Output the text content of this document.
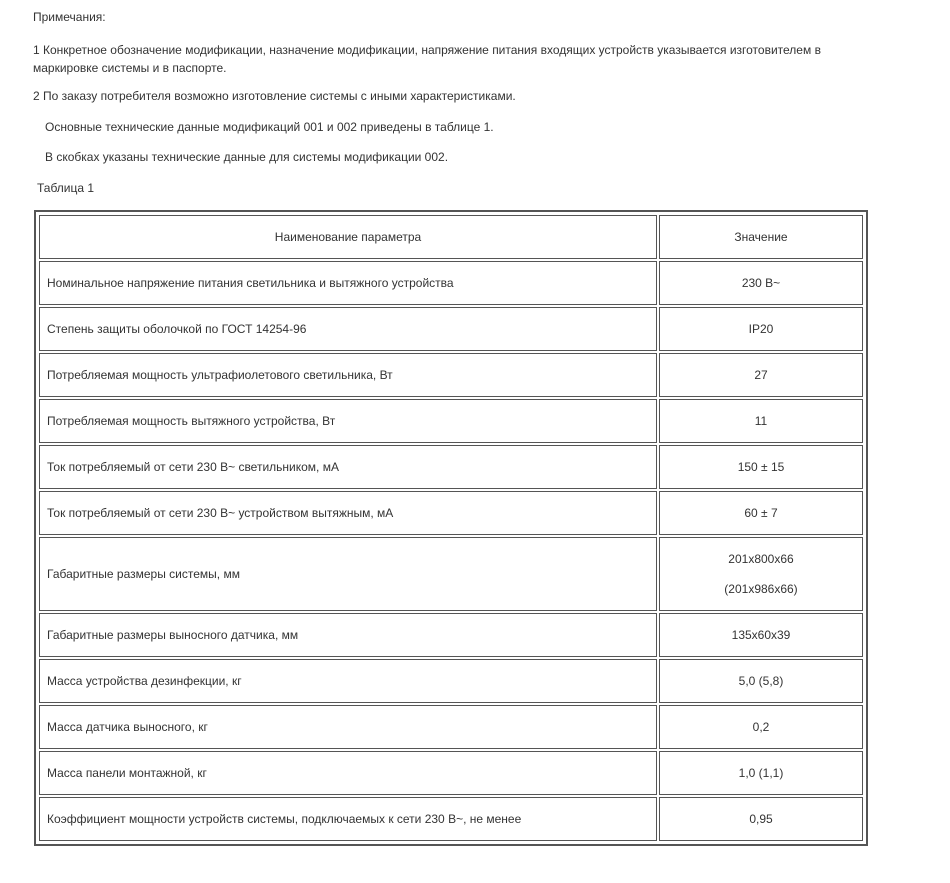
Примечания:
1 Конкретное обозначение модификации, назначение модификации, напряжение питания входящих устройств указывается изготовителем в маркировке системы и в паспорте.
2 По заказу потребителя возможно изготовление системы с иными характеристиками.
Основные технические данные модификаций 001 и 002 приведены в таблице 1.
В скобках указаны технические данные для системы модификации 002.
Таблица 1
Наименование параметра	Значение
Номинальное напряжение питания светильника и вытяжного устройства	230 В~
Степень защиты оболочкой по ГОСТ 14254-96	IP20
Потребляемая мощность ультрафиолетового светильника, Вт	27
Потребляемая мощность вытяжного устройства, Вт	11
Ток потребляемый от сети 230 В~ светильником, мА	150 ± 15
Ток потребляемый от сети 230 В~ устройством вытяжным, мА	60 ± 7
Габаритные размеры системы, мм	201х800х66
(201х986х66)

Габаритные размеры выносного датчика, мм	135х60х39
Масса устройства дезинфекции, кг	5,0 (5,8)
Масса датчика выносного, кг	0,2
Масса панели монтажной, кг	1,0 (1,1)
Коэффициент мощности устройств системы, подключаемых к сети 230 В~, не менее	0,95
